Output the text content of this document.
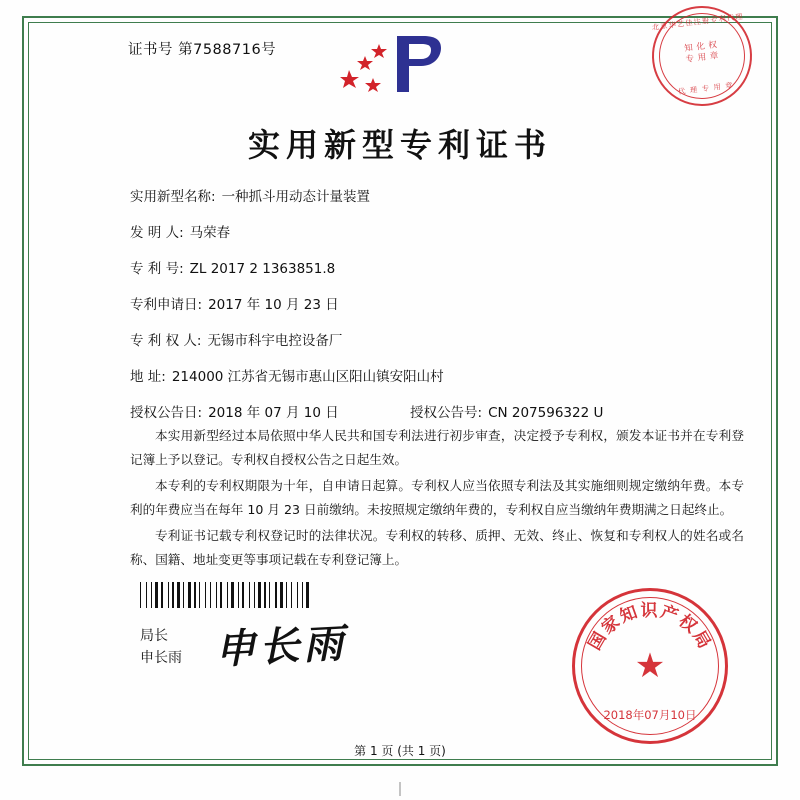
证书号 第7588716号
北京华艺佳注册专利代理
知 化 权
专 用 章
代 理 专 用 章
实用新型专利证书
实用新型名称: 一种抓斗用动态计量装置
发 明 人: 马荣春
专 利 号: ZL 2017 2 1363851.8
专利申请日: 2017 年 10 月 23 日
专 利 权 人: 无锡市科宇电控设备厂
地 址: 214000 江苏省无锡市惠山区阳山镇安阳山村
授权公告日: 2018 年 07 月 10 日	授权公告号: CN 207596322 U

本实用新型经过本局依照中华人民共和国专利法进行初步审查，决定授予专利权，颁发本证书并在专利登记簿上予以登记。专利权自授权公告之日起生效。

本专利的专利权期限为十年，自申请日起算。专利权人应当依照专利法及其实施细则规定缴纳年费。本专利的年费应当在每年 10 月 23 日前缴纳。未按照规定缴纳年费的，专利权自应当缴纳年费期满之日起终止。

专利证书记载专利权登记时的法律状况。专利权的转移、质押、无效、终止、恢复和专利权人的姓名或名称、国籍、地址变更等事项记载在专利登记簿上。

局长
申长雨 申长雨	国家知识产权局
★
2018年07月10日
第 1 页 (共 1 页)
